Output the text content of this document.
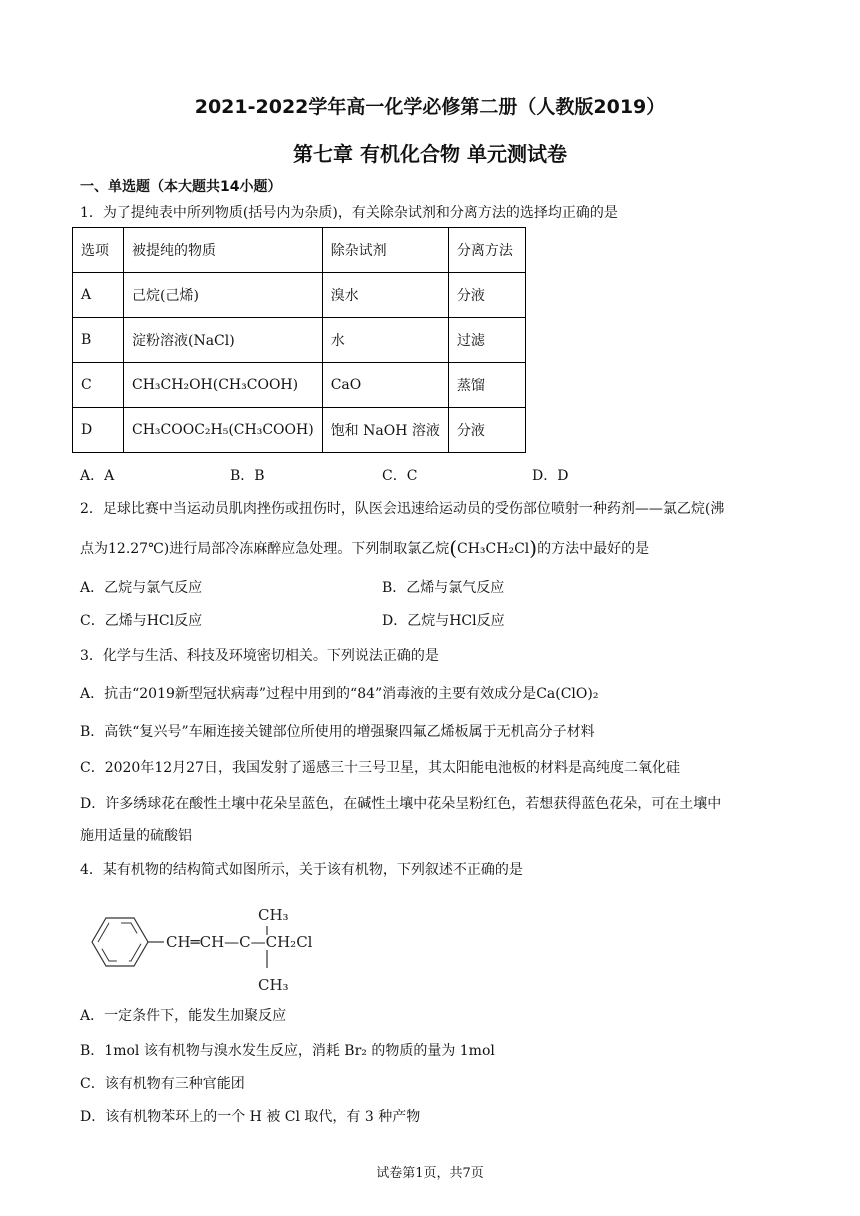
2021-2022学年高一化学必修第二册（人教版2019）
第七章 有机化合物 单元测试卷
一、单选题（本大题共14小题）
1．为了提纯表中所列物质(括号内为杂质)，有关除杂试剂和分离方法的选择均正确的是
选项	被提纯的物质	除杂试剂	分离方法
A	己烷(己烯)	溴水	分液
B	淀粉溶液(NaCl)	水	过滤
C	CH₃CH₂OH(CH₃COOH)	CaO	蒸馏
D	CH₃COOC₂H₅(CH₃COOH)	饱和 NaOH 溶液	分液
A．A	B．B	C．C	D．D
2．足球比赛中当运动员肌肉挫伤或扭伤时，队医会迅速给运动员的受伤部位喷射一种药剂——氯乙烷(沸
点为12.27℃)进行局部冷冻麻醉应急处理。下列制取氯乙烷(CH₃CH₂Cl)的方法中最好的是
A．乙烷与氯气反应	B．乙烯与氯气反应
C．乙烯与HCl反应	D．乙烷与HCl反应
3．化学与生活、科技及环境密切相关。下列说法正确的是
A．抗击“2019新型冠状病毒”过程中用到的“84”消毒液的主要有效成分是Ca(ClO)₂
B．高铁“复兴号”车厢连接关键部位所使用的增强聚四氟乙烯板属于无机高分子材料
C．2020年12月27日，我国发射了遥感三十三号卫星，其太阳能电池板的材料是高纯度二氧化硅
D．许多绣球花在酸性土壤中花朵呈蓝色，在碱性土壤中花朵呈粉红色，若想获得蓝色花朵，可在土壤中
施用适量的硫酸铝
4．某有机物的结构简式如图所示，关于该有机物，下列叙述不正确的是
CH═CH—C—CH₂Cl
CH₃
CH₃
A．一定条件下，能发生加聚反应
B．1mol 该有机物与溴水发生反应，消耗 Br₂ 的物质的量为 1mol
C．该有机物有三种官能团
D．该有机物苯环上的一个 H 被 Cl 取代，有 3 种产物
试卷第1页，共7页
